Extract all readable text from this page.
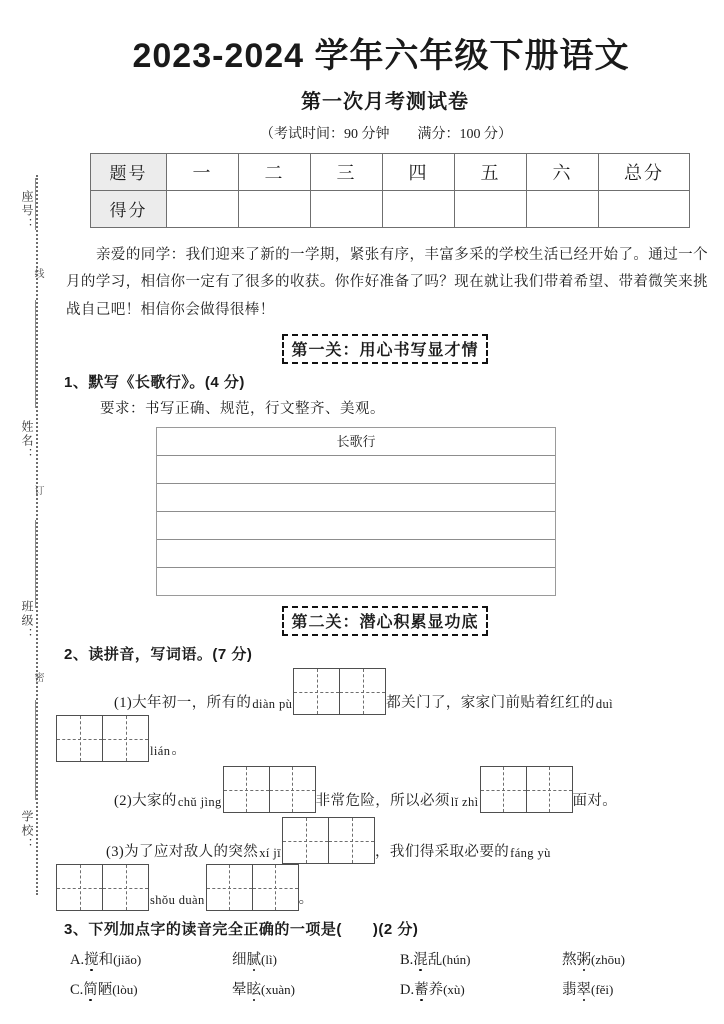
座号：
姓名：
班级：
学校：
线
订
密
2023-2024 学年六年级下册语文
第一次月考测试卷
（考试时间：90 分钟　　满分：100 分）
题号	一	二	三	四	五	六	总分
得分							
亲爱的同学：我们迎来了新的一学期，紧张有序，丰富多采的学校生活已经开始了。通过一个月的学习，相信你一定有了很多的收获。你作好准备了吗？现在就让我们带着希望、带着微笑来挑战自己吧！相信你会做得很棒！
第一关：用心书写显才情
1、默写《长歌行》。(4 分)
要求：书写正确、规范，行文整齐、美观。
长歌行
第二关：潜心积累显功底
2、读拼音，写词语。(7 分)
(1)大年初一，所有的 diàn pù	都关门了，家家门前贴着红红的 duì
lián 。
(2)大家的 chǔ jìng	非常危险，所以必须 lǐ zhì	面对。
(3)为了应对敌人的突然 xí jī	，我们得采取必要的 fáng yù
shǒu duàn	。
3、下列加点字的读音完全正确的一项是(　　)(2 分)
A.搅和(jiǎo)	细腻(lì)	B.混乱(hún)	熬粥(zhōu)
C.简陋(lòu)	晕眩(xuàn)	D.蓄养(xù)	翡翠(fěi)
